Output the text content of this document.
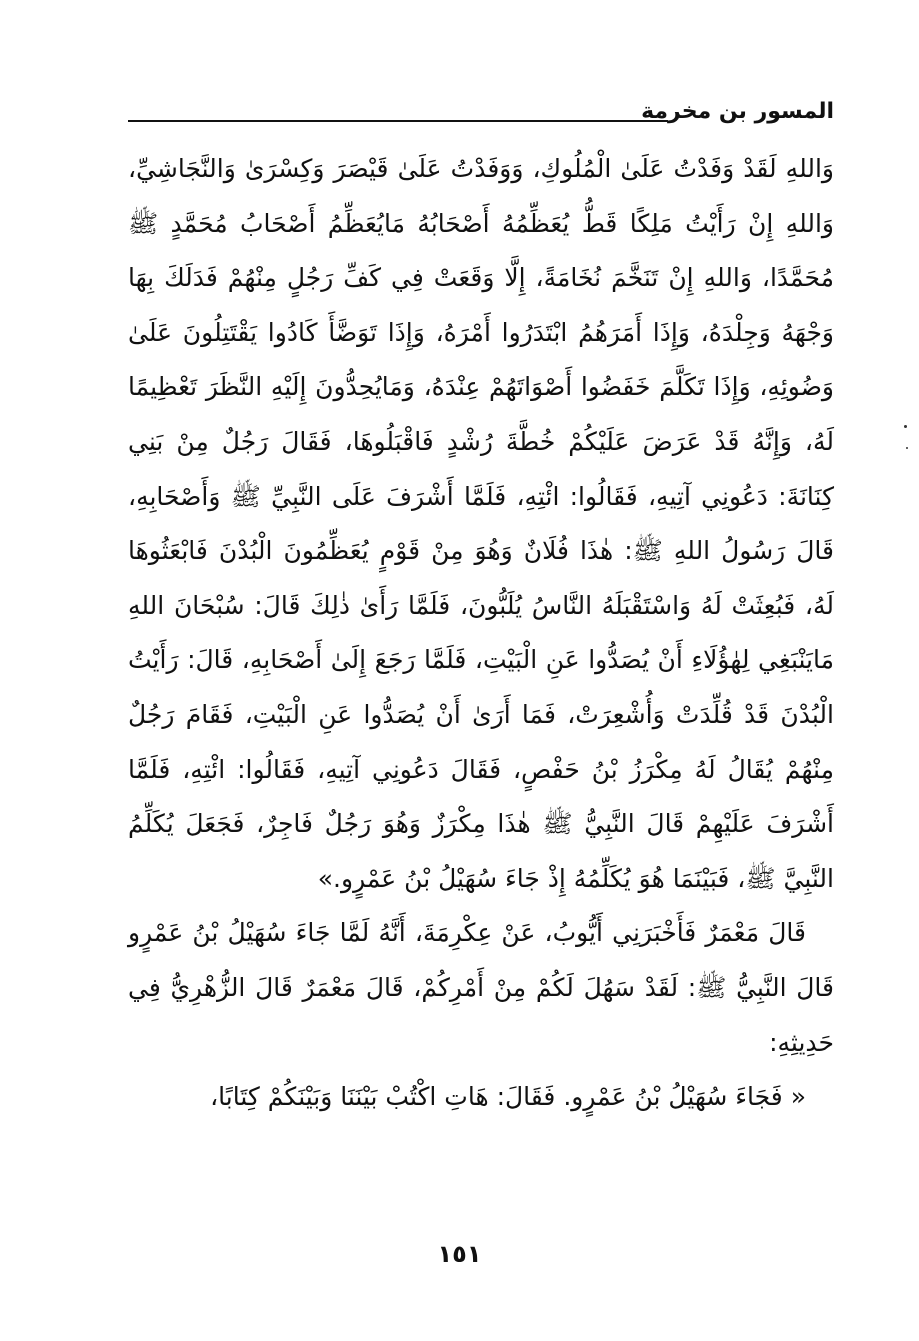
المسور بن مخرمة

وَاللهِ لَقَدْ وَفَدْتُ عَلَىٰ الْمُلُوكِ، وَوَفَدْتُ عَلَىٰ قَيْصَرَ وَكِسْرَىٰ وَالنَّجَاشِيِّ، وَاللهِ إِنْ رَأَيْتُ مَلِكًا قَطُّ يُعَظِّمُهُ أَصْحَابُهُ مَايُعَظِّمُ أَصْحَابُ مُحَمَّدٍ ﷺ مُحَمَّدًا، وَاللهِ إِنْ تَنَخَّمَ نُخَامَةً، إِلَّا وَقَعَتْ فِي كَفِّ رَجُلٍ مِنْهُمْ فَدَلَكَ بِهَا وَجْهَهُ وَجِلْدَهُ، وَإِذَا أَمَرَهُمُ ابْتَدَرُوا أَمْرَهُ، وَإِذَا تَوَضَّأَ كَادُوا يَقْتَتِلُونَ عَلَىٰ وَضُوئِهِ، وَإِذَا تَكَلَّمَ خَفَضُوا أَصْوَاتَهُمْ عِنْدَهُ، وَمَايُحِدُّونَ إِلَيْهِ النَّظَرَ تَعْظِيمًا لَهُ، وَإِنَّهُ قَدْ عَرَضَ عَلَيْكُمْ خُطَّةَ رُشْدٍ فَاقْبَلُوهَا، فَقَالَ رَجُلٌ مِنْ بَنِي كِنَانَةَ: دَعُونِي آتِيهِ، فَقَالُوا: ائْتِهِ، فَلَمَّا أَشْرَفَ عَلَى النَّبِيِّ ﷺ وَأَصْحَابِهِ، قَالَ رَسُولُ اللهِ ﷺ: هٰذَا فُلَانٌ وَهُوَ مِنْ قَوْمٍ يُعَظِّمُونَ الْبُدْنَ فَابْعَثُوهَا لَهُ، فَبُعِثَتْ لَهُ وَاسْتَقْبَلَهُ النَّاسُ يُلَبُّونَ، فَلَمَّا رَأَىٰ ذٰلِكَ قَالَ: سُبْحَانَ اللهِ مَايَنْبَغِي لِهٰؤُلَاءِ أَنْ يُصَدُّوا عَنِ الْبَيْتِ، فَلَمَّا رَجَعَ إِلَىٰ أَصْحَابِهِ، قَالَ: رَأَيْتُ الْبُدْنَ قَدْ قُلِّدَتْ وَأُشْعِرَتْ، فَمَا أَرَىٰ أَنْ يُصَدُّوا عَنِ الْبَيْتِ، فَقَامَ رَجُلٌ مِنْهُمْ يُقَالُ لَهُ مِكْرَزُ بْنُ حَفْصٍ، فَقَالَ دَعُونِي آتِيهِ، فَقَالُوا: ائْتِهِ، فَلَمَّا أَشْرَفَ عَلَيْهِمْ قَالَ النَّبِيُّ ﷺ هٰذَا مِكْرَزٌ وَهُوَ رَجُلٌ فَاجِرٌ، فَجَعَلَ يُكَلِّمُ النَّبِيَّ ﷺ، فَبَيْنَمَا هُوَ يُكَلِّمُهُ إِذْ جَاءَ سُهَيْلُ بْنُ عَمْرٍو.»

قَالَ مَعْمَرٌ فَأَخْبَرَنِي أَيُّوبُ، عَنْ عِكْرِمَةَ، أَنَّهُ لَمَّا جَاءَ سُهَيْلُ بْنُ عَمْرٍو قَالَ النَّبِيُّ ﷺ: لَقَدْ سَهُلَ لَكُمْ مِنْ أَمْرِكُمْ، قَالَ مَعْمَرٌ قَالَ الزُّهْرِيُّ فِي حَدِيثِهِ:

« فَجَاءَ سُهَيْلُ بْنُ عَمْرٍو. فَقَالَ: هَاتِ اكْتُبْ بَيْنَنَا وَبَيْنَكُمْ كِتَابًا،

١٥١
